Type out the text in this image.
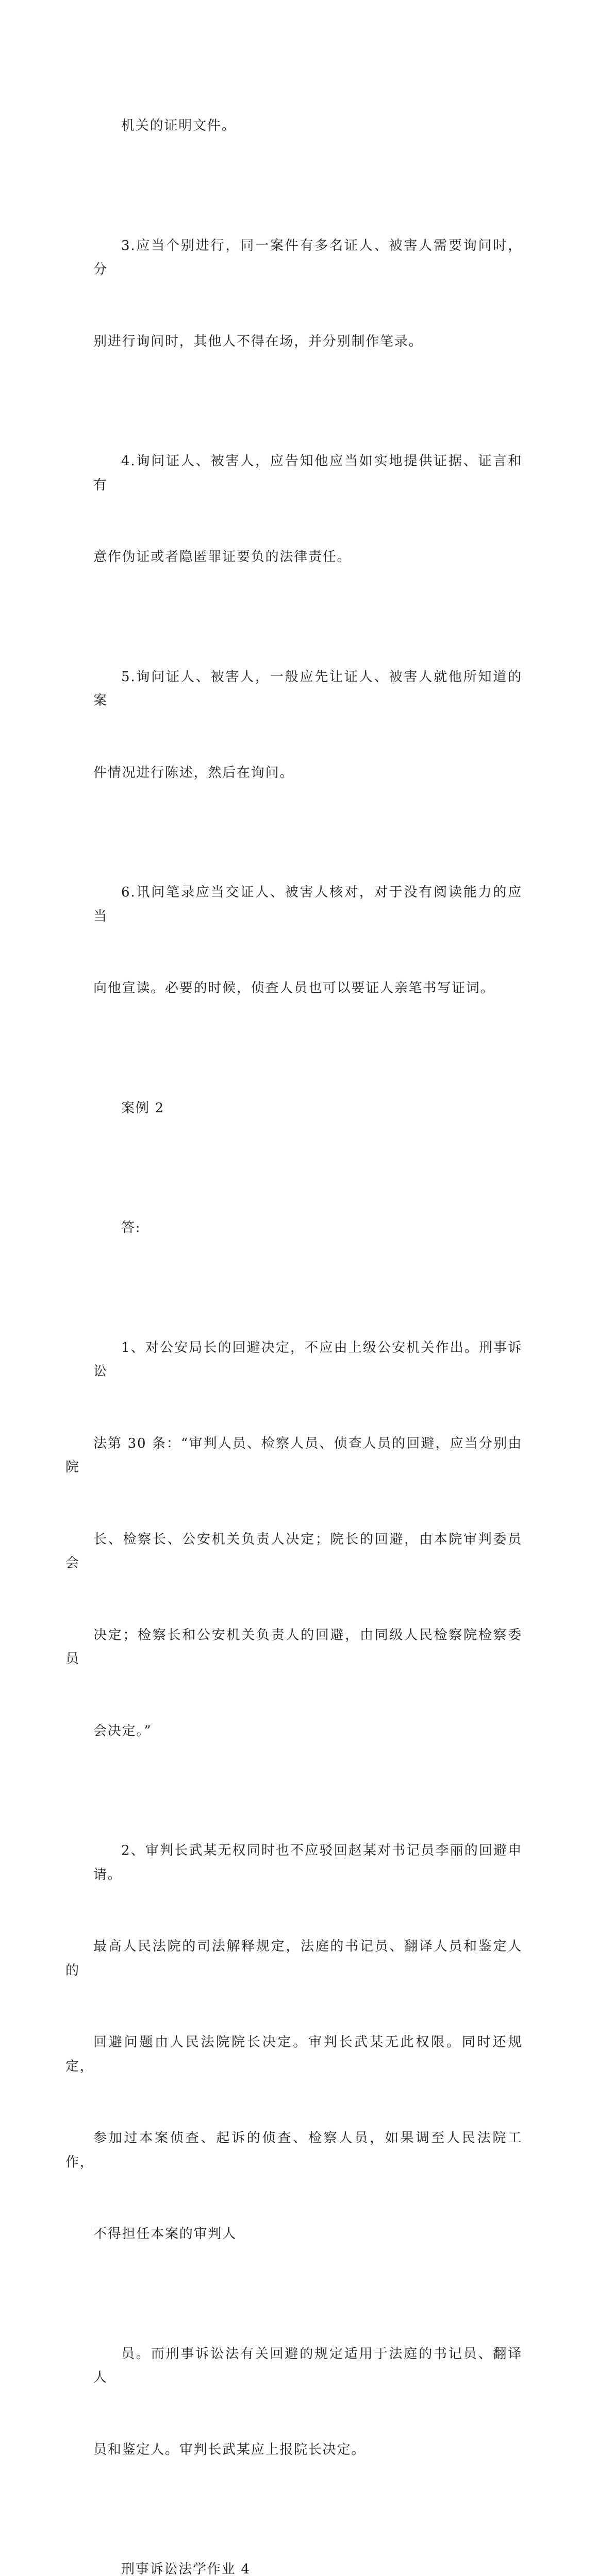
机关的证明文件。

3.应当个别进行，同一案件有多名证人、被害人需要询问时，分

别进行询问时，其他人不得在场，并分别制作笔录。

4.询问证人、被害人，应告知他应当如实地提供证据、证言和有

意作伪证或者隐匿罪证要负的法律责任。

5.询问证人、被害人，一般应先让证人、被害人就他所知道的案

件情况进行陈述，然后在询问。

6.讯问笔录应当交证人、被害人核对，对于没有阅读能力的应当

向他宣读。必要的时候，侦查人员也可以要证人亲笔书写证词。

案例 2

答:

1、对公安局长的回避决定，不应由上级公安机关作出。刑事诉讼

法第 30 条：“审判人员、检察人员、侦查人员的回避，应当分别由院

长、检察长、公安机关负责人决定；院长的回避，由本院审判委员会

决定；检察长和公安机关负责人的回避，由同级人民检察院检察委员

会决定。”

2、审判长武某无权同时也不应驳回赵某对书记员李丽的回避申请。

最高人民法院的司法解释规定，法庭的书记员、翻译人员和鉴定人的

回避问题由人民法院院长决定。审判长武某无此权限。同时还规定，

参加过本案侦查、起诉的侦查、检察人员，如果调至人民法院工作，

不得担任本案的审判人

员。而刑事诉讼法有关回避的规定适用于法庭的书记员、翻译人

员和鉴定人。审判长武某应上报院长决定。

刑事诉讼法学作业 4
